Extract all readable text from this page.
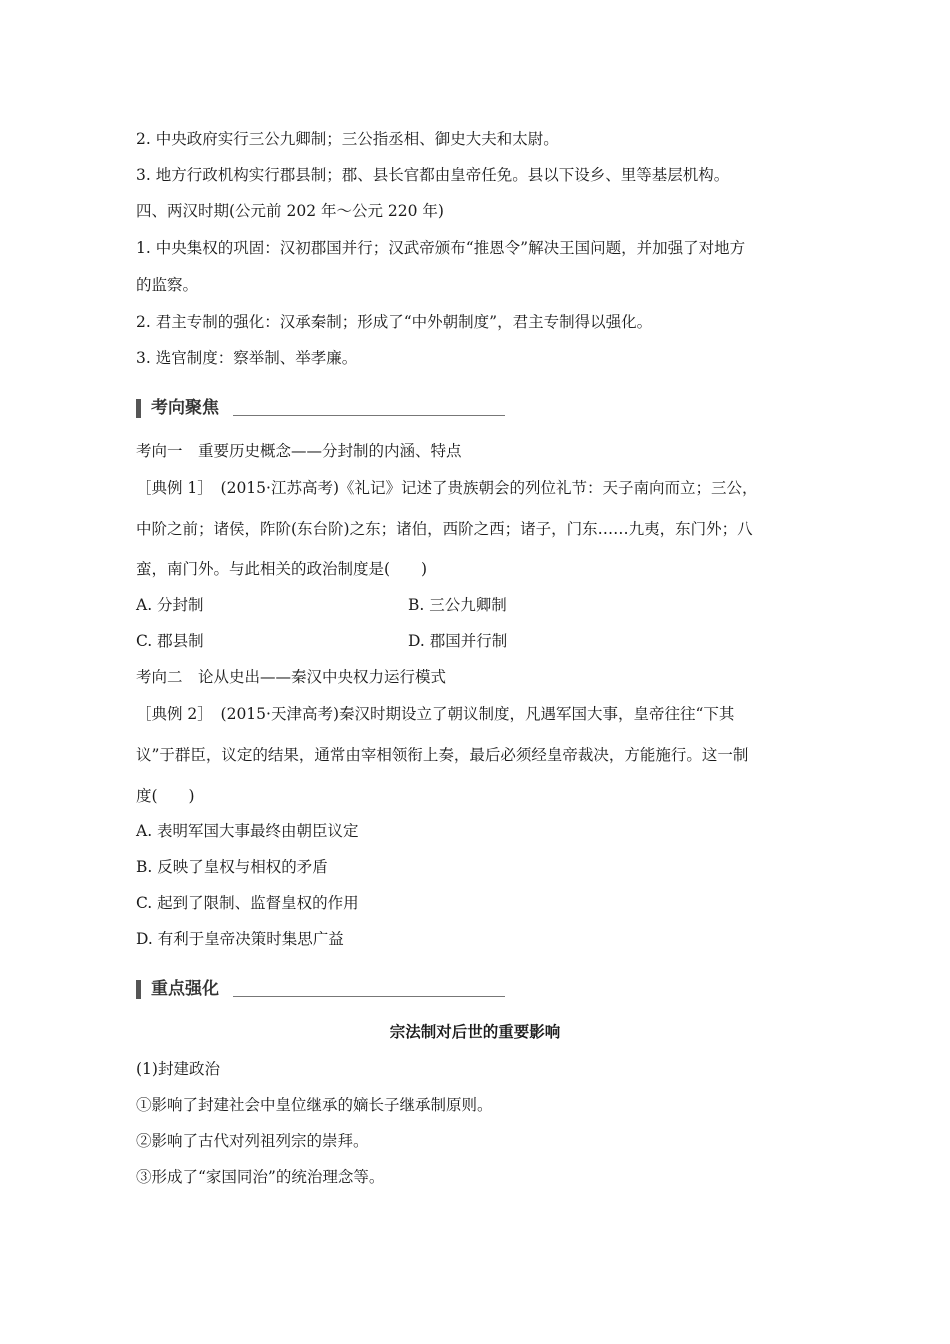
2. 中央政府实行三公九卿制；三公指丞相、御史大夫和太尉。
3. 地方行政机构实行郡县制；郡、县长官都由皇帝任免。县以下设乡、里等基层机构。
四、两汉时期(公元前 202 年～公元 220 年)
1. 中央集权的巩固：汉初郡国并行；汉武帝颁布“推恩令”解决王国问题，并加强了对地方
的监察。
2. 君主专制的强化：汉承秦制；形成了“中外朝制度”，君主专制得以强化。
3. 选官制度：察举制、举孝廉。
考向聚焦
考向一　重要历史概念——分封制的内涵、特点
［典例 1］　(2015·江苏高考)《礼记》记述了贵族朝会的列位礼节：天子南向而立；三公，
中阶之前；诸侯，阼阶(东台阶)之东；诸伯，西阶之西；诸子，门东……九夷，东门外；八
蛮，南门外。与此相关的政治制度是(　　)
A. 分封制	B. 三公九卿制
C. 郡县制	D. 郡国并行制
考向二　论从史出——秦汉中央权力运行模式
［典例 2］　(2015·天津高考)秦汉时期设立了朝议制度，凡遇军国大事，皇帝往往“下其
议”于群臣，议定的结果，通常由宰相领衔上奏，最后必须经皇帝裁决，方能施行。这一制
度(　　)
A. 表明军国大事最终由朝臣议定
B. 反映了皇权与相权的矛盾
C. 起到了限制、监督皇权的作用
D. 有利于皇帝决策时集思广益
重点强化
宗法制对后世的重要影响
(1)封建政治
①影响了封建社会中皇位继承的嫡长子继承制原则。
②影响了古代对列祖列宗的崇拜。
③形成了“家国同治”的统治理念等。
